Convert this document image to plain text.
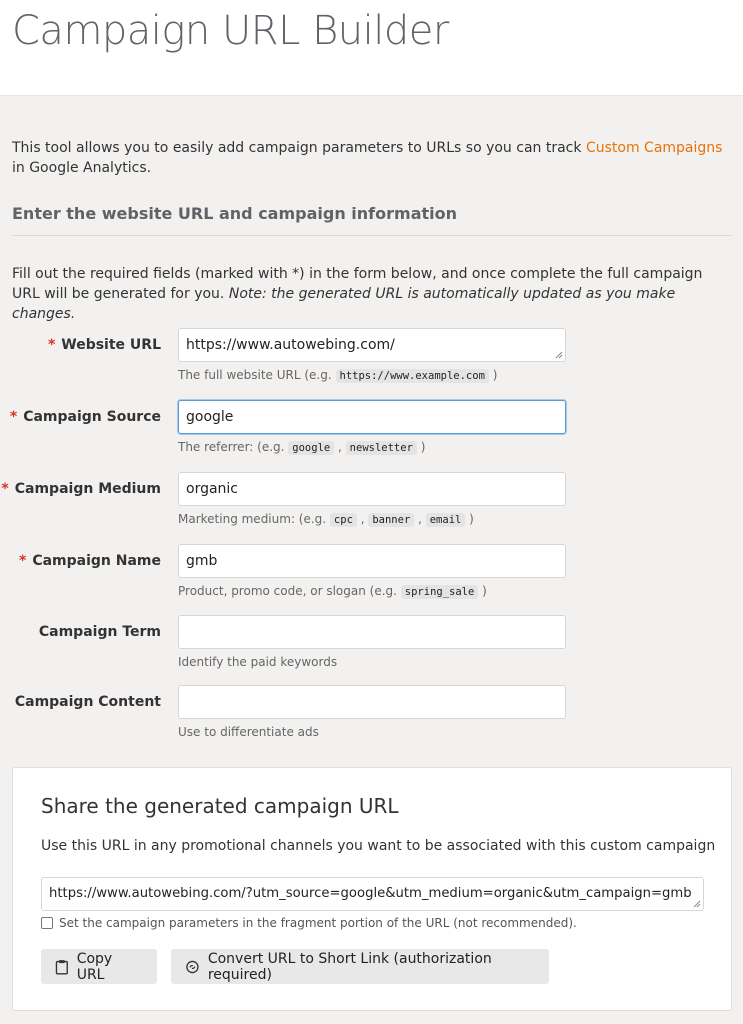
Campaign URL Builder

This tool allows you to easily add campaign parameters to URLs so you can track Custom Campaigns in Google Analytics.

Enter the website URL and campaign information

Fill out the required fields (marked with *) in the form below, and once complete the full campaign URL will be generated for you. Note: the generated URL is automatically updated as you make changes.

* Website URL	https://www.autowebing.com/
The full website URL (e.g. https://www.example.com )
* Campaign Source	google
The referrer: (e.g. google , newsletter )
* Campaign Medium	organic
Marketing medium: (e.g. cpc , banner , email )
* Campaign Name	gmb
Product, promo code, or slogan (e.g. spring_sale )
Campaign Term
Identify the paid keywords
Campaign Content
Use to differentiate ads
Share the generated campaign URL
Use this URL in any promotional channels you want to be associated with this custom campaign
https://www.autowebing.com/?utm_source=google&utm_medium=organic&utm_campaign=gmb
Set the campaign parameters in the fragment portion of the URL (not recommended).
Copy URL
Convert URL to Short Link (authorization required)
